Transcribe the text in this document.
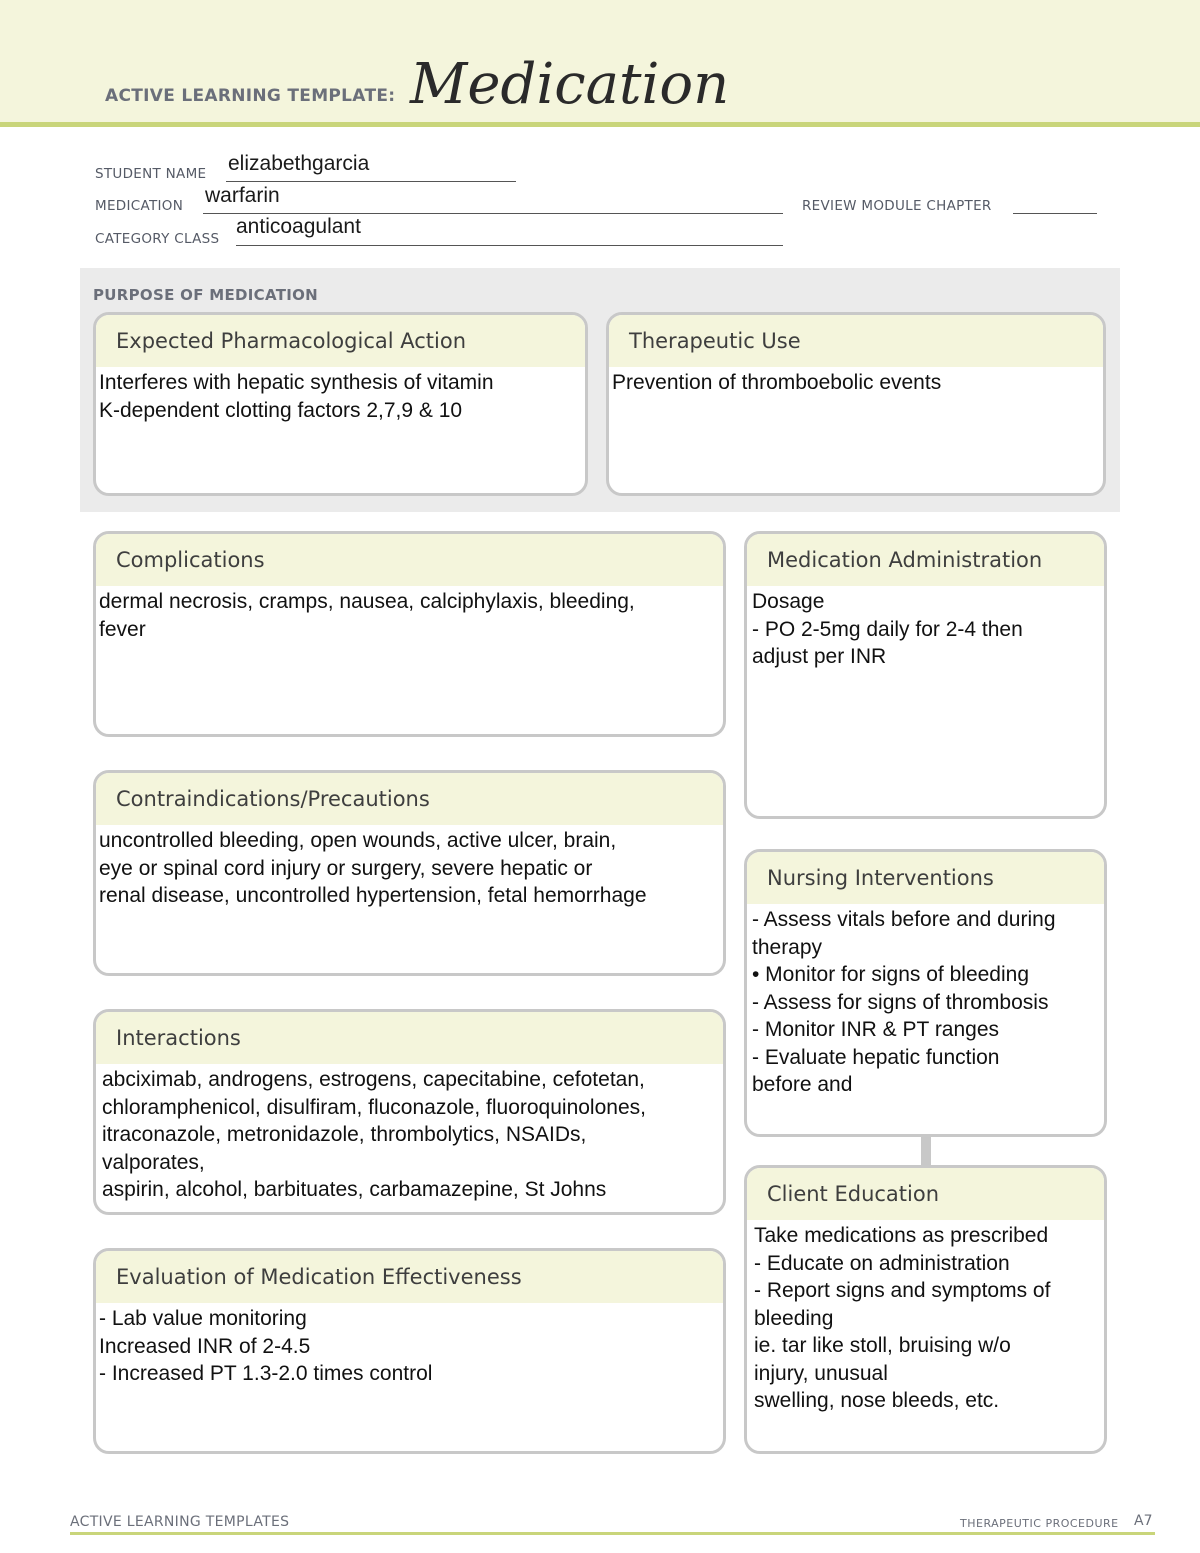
ACTIVE LEARNING TEMPLATE: Medication
STUDENT NAME elizabethgarcia
MEDICATION warfarin	REVIEW MODULE CHAPTER
CATEGORY CLASS
anticoagulant
PURPOSE OF MEDICATION
Expected Pharmacological Action
Interferes with hepatic synthesis of vitamin
K-dependent clotting factors 2,7,9 & 10
Therapeutic Use
Prevention of thromboebolic events
Complications
dermal necrosis, cramps, nausea, calciphylaxis, bleeding,
fever
Contraindications/Precautions
uncontrolled bleeding, open wounds, active ulcer, brain,
eye or spinal cord injury or surgery, severe hepatic or
renal disease, uncontrolled hypertension, fetal hemorrhage
Interactions
abciximab, androgens, estrogens, capecitabine, cefotetan,
chloramphenicol, disulfiram, fluconazole, fluoroquinolones,
itraconazole, metronidazole, thrombolytics, NSAIDs,
valporates,
aspirin, alcohol, barbituates, carbamazepine, St Johns
Evaluation of Medication Effectiveness
- Lab value monitoring
Increased INR of 2-4.5
- Increased PT 1.3-2.0 times control
Medication Administration
Dosage
- PO 2-5mg daily for 2-4 then
adjust per INR
Nursing Interventions
- Assess vitals before and during
therapy
• Monitor for signs of bleeding
- Assess for signs of thrombosis
- Monitor INR & PT ranges
- Evaluate hepatic function
before and
Client Education
Take medications as prescribed
- Educate on administration
- Report signs and symptoms of
bleeding
ie. tar like stoll, bruising w/o
injury, unusual
swelling, nose bleeds, etc.
ACTIVE LEARNING TEMPLATES	THERAPEUTIC PROCEDURE A7
